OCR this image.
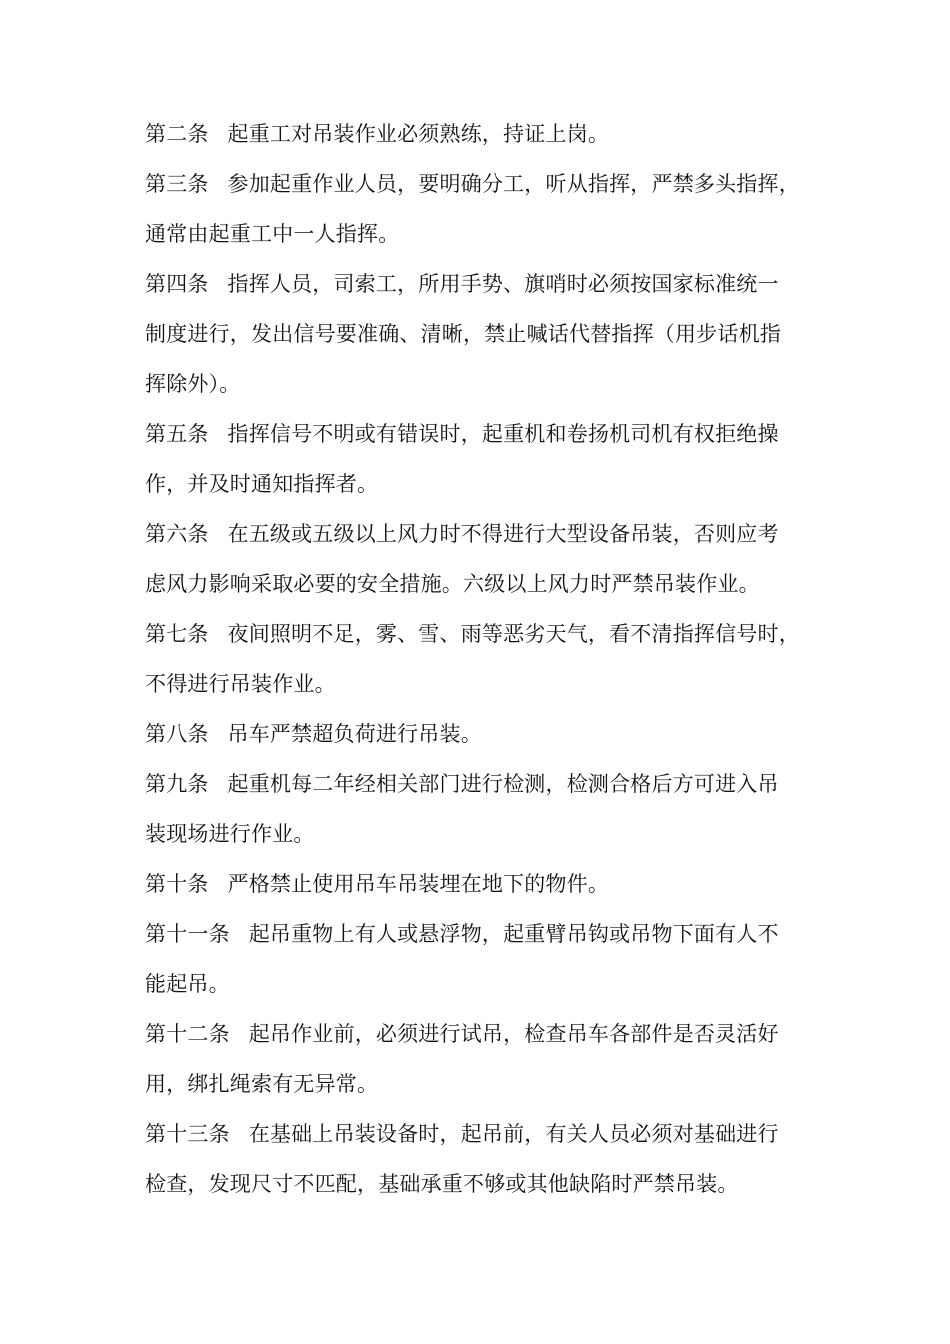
第二条 起重工对吊装作业必须熟练，持证上岗。
第三条 参加起重作业人员，要明确分工，听从指挥，严禁多头指挥，
通常由起重工中一人指挥。
第四条 指挥人员，司索工，所用手势、旗哨时必须按国家标准统一
制度进行，发出信号要准确、清晰，禁止喊话代替指挥（用步话机指
挥除外）。
第五条 指挥信号不明或有错误时，起重机和卷扬机司机有权拒绝操
作，并及时通知指挥者。
第六条 在五级或五级以上风力时不得进行大型设备吊装，否则应考
虑风力影响采取必要的安全措施。六级以上风力时严禁吊装作业。
第七条 夜间照明不足，雾、雪、雨等恶劣天气，看不清指挥信号时，
不得进行吊装作业。
第八条 吊车严禁超负荷进行吊装。
第九条 起重机每二年经相关部门进行检测，检测合格后方可进入吊
装现场进行作业。
第十条 严格禁止使用吊车吊装埋在地下的物件。
第十一条 起吊重物上有人或悬浮物，起重臂吊钩或吊物下面有人不
能起吊。
第十二条 起吊作业前，必须进行试吊，检查吊车各部件是否灵活好
用，绑扎绳索有无异常。
第十三条 在基础上吊装设备时，起吊前，有关人员必须对基础进行
检查，发现尺寸不匹配，基础承重不够或其他缺陷时严禁吊装。
